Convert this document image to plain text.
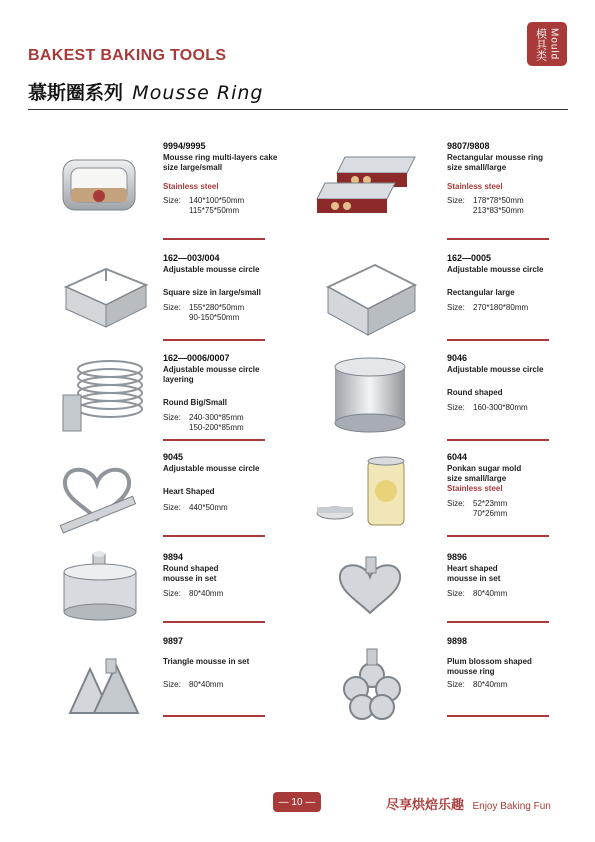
BAKEST BAKING TOOLS	模具类 Mould
慕斯圈系列 Mousse Ring
9994/9995
Mousse ring multi-layers cake
size large/small
Stainless steel
Size:	140*100*50mm
115*75*50mm
9807/9808
Rectangular mousse ring
size small/large
Stainless steel
Size:	178*78*50mm
213*83*50mm
162—003/004
Adjustable mousse circle
Square size in large/small
Size:	155*280*50mm
90-150*50mm
162—0005
Adjustable mousse circle
Rectangular large
Size:	270*180*80mm
162—0006/0007
Adjustable mousse circle layering
Round Big/Small
Size:	240-300*85mm
150-200*85mm
9046
Adjustable mousse circle
Round shaped
Size:	160-300*80mm
9045
Adjustable mousse circle
Heart Shaped
Size:	440*50mm
6044
Ponkan sugar mold
size small/large
Stainless steel
Size:	52*23mm
70*26mm
9894
Round shaped
mousse in set
Size:	80*40mm
9896
Heart shaped
mousse in set
Size:	80*40mm
9897
Triangle mousse in set
Size:	80*40mm
9898
Plum blossom shaped
mousse ring
Size:	80*40mm
— 10 —	尽享烘焙乐趣 Enjoy Baking Fun
